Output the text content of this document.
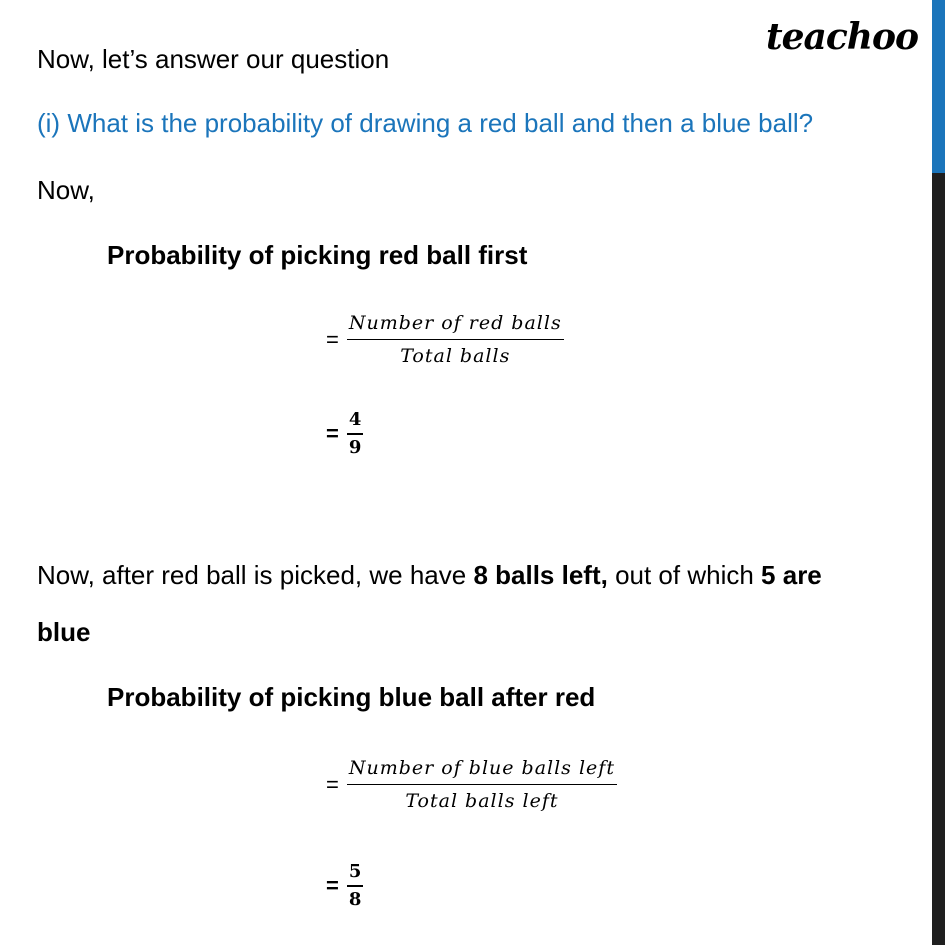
teachoo
Now, let’s answer our question
(i) What is the probability of drawing a red ball and then a blue ball?
Now,
Probability of picking red ball first
= $\frac{\text{Number of red balls}}{\text{Total balls}}$
= $\frac{4}{9}$
Now, after red ball is picked, we have 8 balls left, out of which 5 are
blue
Probability of picking blue ball after red
= $\frac{\text{Number of blue balls left}}{\text{Total balls left}}$
= $\frac{5}{8}$
